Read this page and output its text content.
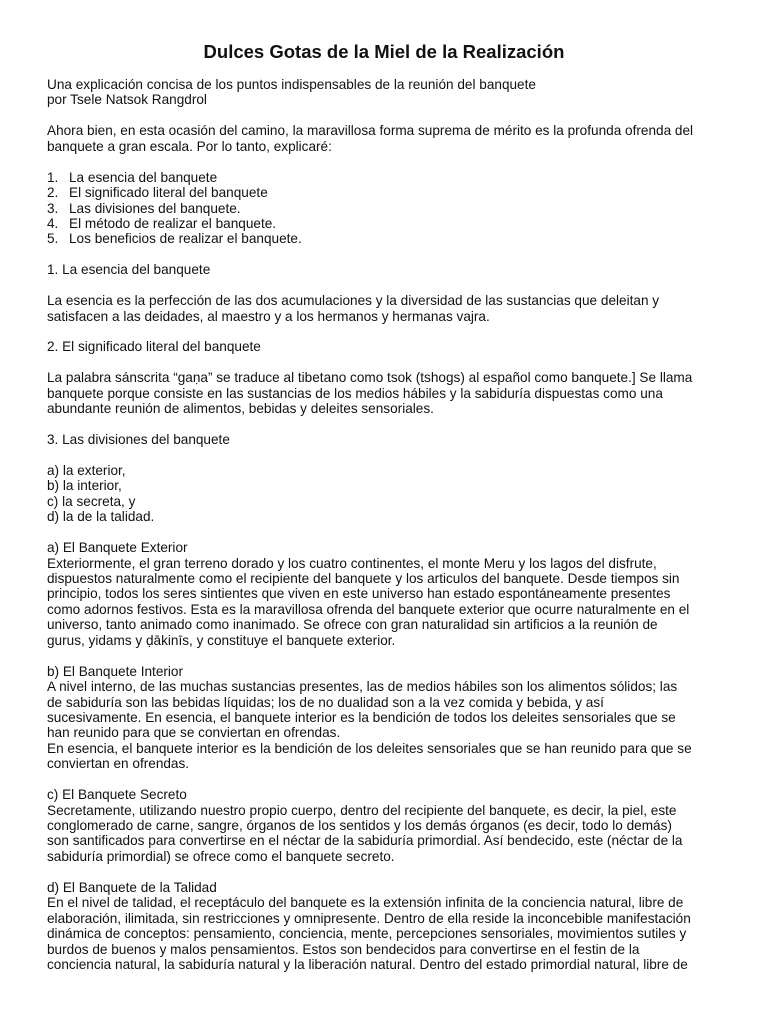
Dulces Gotas de la Miel de la Realización
Una explicación concisa de los puntos indispensables de la reunión del banquete
por Tsele Natsok Rangdrol
Ahora bien, en esta ocasión del camino, la maravillosa forma suprema de mérito es la profunda ofrenda del
banquete a gran escala. Por lo tanto, explicaré:
1. La esencia del banquete
2. El significado literal del banquete
3. Las divisiones del banquete.
4. El método de realizar el banquete.
5. Los beneficios de realizar el banquete.
1. La esencia del banquete
La esencia es la perfección de las dos acumulaciones y la diversidad de las sustancias que deleitan y
satisfacen a las deidades, al maestro y a los hermanos y hermanas vajra.
2. El significado literal del banquete
La palabra sánscrita “gaṇa” se traduce al tibetano como tsok (tshogs) al español como banquete.] Se llama
banquete porque consiste en las sustancias de los medios hábiles y la sabiduría dispuestas como una
abundante reunión de alimentos, bebidas y deleites sensoriales.
3. Las divisiones del banquete
a) la exterior,
b) la interior,
c) la secreta, y
d) la de la talidad.
a) El Banquete Exterior
Exteriormente, el gran terreno dorado y los cuatro continentes, el monte Meru y los lagos del disfrute,
dispuestos naturalmente como el recipiente del banquete y los articulos del banquete. Desde tiempos sin
principio, todos los seres sintientes que viven en este universo han estado espontáneamente presentes
como adornos festivos. Esta es la maravillosa ofrenda del banquete exterior que ocurre naturalmente en el
universo, tanto animado como inanimado. Se ofrece con gran naturalidad sin artificios a la reunión de
gurus, yidams y ḍākinīs, y constituye el banquete exterior.
b) El Banquete Interior
A nivel interno, de las muchas sustancias presentes, las de medios hábiles son los alimentos sólidos; las
de sabiduría son las bebidas líquidas; los de no dualidad son a la vez comida y bebida, y así
sucesivamente. En esencia, el banquete interior es la bendición de todos los deleites sensoriales que se
han reunido para que se conviertan en ofrendas.
En esencia, el banquete interior es la bendición de los deleites sensoriales que se han reunido para que se
conviertan en ofrendas.
c) El Banquete Secreto
Secretamente, utilizando nuestro propio cuerpo, dentro del recipiente del banquete, es decir, la piel, este
conglomerado de carne, sangre, órganos de los sentidos y los demás órganos (es decir, todo lo demás)
son santificados para convertirse en el néctar de la sabiduría primordial. Así bendecido, este (néctar de la
sabiduría primordial) se ofrece como el banquete secreto.
d) El Banquete de la Talidad
En el nivel de talidad, el receptáculo del banquete es la extensión infinita de la conciencia natural, libre de
elaboración, ilimitada, sin restricciones y omnipresente. Dentro de ella reside la inconcebible manifestación
dinámica de conceptos: pensamiento, conciencia, mente, percepciones sensoriales, movimientos sutiles y
burdos de buenos y malos pensamientos. Estos son bendecidos para convertirse en el festin de la
conciencia natural, la sabiduría natural y la liberación natural. Dentro del estado primordial natural, libre de
